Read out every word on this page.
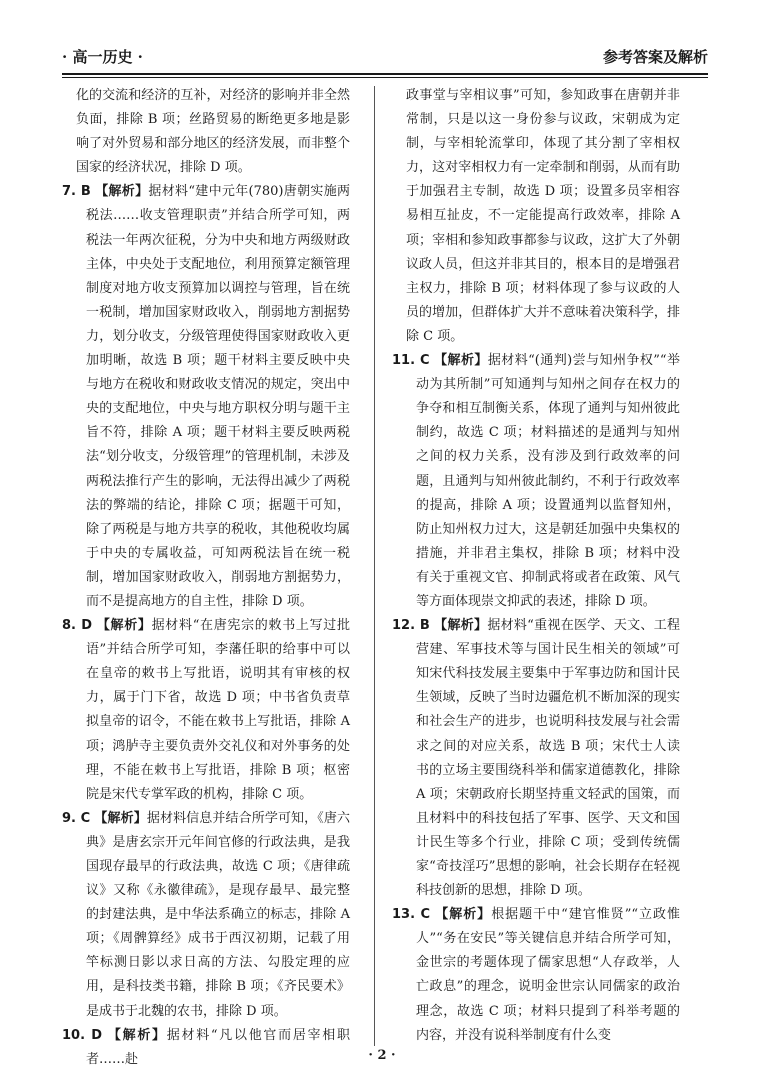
· 高一历史 ·	参考答案及解析

化的交流和经济的互补，对经济的影响并非全然负面，排除 B 项；丝路贸易的断绝更多地是影响了对外贸易和部分地区的经济发展，而非整个国家的经济状况，排除 D 项。

7. B 【解析】据材料“建中元年(780)唐朝实施两税法……收支管理职责”并结合所学可知，两税法一年两次征税，分为中央和地方两级财政主体，中央处于支配地位，利用预算定额管理制度对地方收支预算加以调控与管理，旨在统一税制，增加国家财政收入，削弱地方割据势力，划分收支，分级管理使得国家财政收入更加明晰，故选 B 项；题干材料主要反映中央与地方在税收和财政收支情况的规定，突出中央的支配地位，中央与地方职权分明与题干主旨不符，排除 A 项；题干材料主要反映两税法“划分收支，分级管理”的管理机制，未涉及两税法推行产生的影响，无法得出减少了两税法的弊端的结论，排除 C 项；据题干可知，除了两税是与地方共享的税收，其他税收均属于中央的专属收益，可知两税法旨在统一税制，增加国家财政收入，削弱地方割据势力，而不是提高地方的自主性，排除 D 项。

8. D 【解析】据材料“在唐宪宗的敕书上写过批语”并结合所学可知，李藩任职的给事中可以在皇帝的敕书上写批语，说明其有审核的权力，属于门下省，故选 D 项；中书省负责草拟皇帝的诏令，不能在敕书上写批语，排除 A 项；鸿胪寺主要负责外交礼仪和对外事务的处理，不能在敕书上写批语，排除 B 项；枢密院是宋代专掌军政的机构，排除 C 项。

9. C 【解析】据材料信息并结合所学可知，《唐六典》是唐玄宗开元年间官修的行政法典，是我国现存最早的行政法典，故选 C 项；《唐律疏议》又称《永徽律疏》，是现存最早、最完整的封建法典，是中华法系确立的标志，排除 A 项；《周髀算经》成书于西汉初期，记载了用竿标测日影以求日高的方法、勾股定理的应用，是科技类书籍，排除 B 项；《齐民要术》是成书于北魏的农书，排除 D 项。

10. D 【解析】据材料“凡以他官而居宰相职者……赴

政事堂与宰相议事”可知，参知政事在唐朝并非常制，只是以这一身份参与议政，宋朝成为定制，与宰相轮流掌印，体现了其分割了宰相权力，这对宰相权力有一定牵制和削弱，从而有助于加强君主专制，故选 D 项；设置多员宰相容易相互扯皮，不一定能提高行政效率，排除 A 项；宰相和参知政事都参与议政，这扩大了外朝议政人员，但这并非其目的，根本目的是增强君主权力，排除 B 项；材料体现了参与议政的人员的增加，但群体扩大并不意味着决策科学，排除 C 项。

11. C 【解析】据材料“(通判)尝与知州争权”“举动为其所制”可知通判与知州之间存在权力的争夺和相互制衡关系，体现了通判与知州彼此制约，故选 C 项；材料描述的是通判与知州之间的权力关系，没有涉及到行政效率的问题，且通判与知州彼此制约，不利于行政效率的提高，排除 A 项；设置通判以监督知州，防止知州权力过大，这是朝廷加强中央集权的措施，并非君主集权，排除 B 项；材料中没有关于重视文官、抑制武将或者在政策、风气等方面体现崇文抑武的表述，排除 D 项。

12. B 【解析】据材料“重视在医学、天文、工程营建、军事技术等与国计民生相关的领域”可知宋代科技发展主要集中于军事边防和国计民生领域，反映了当时边疆危机不断加深的现实和社会生产的进步，也说明科技发展与社会需求之间的对应关系，故选 B 项；宋代士人读书的立场主要围绕科举和儒家道德教化，排除 A 项；宋朝政府长期坚持重文轻武的国策，而且材料中的科技包括了军事、医学、天文和国计民生等多个行业，排除 C 项；受到传统儒家“奇技淫巧”思想的影响，社会长期存在轻视科技创新的思想，排除 D 项。

13. C 【解析】根据题干中“建官惟贤”“立政惟人”“务在安民”等关键信息并结合所学可知，金世宗的考题体现了儒家思想“人存政举，人亡政息”的理念，说明金世宗认同儒家的政治理念，故选 C 项；材料只提到了科举考题的内容，并没有说科举制度有什么变

· 2 ·
